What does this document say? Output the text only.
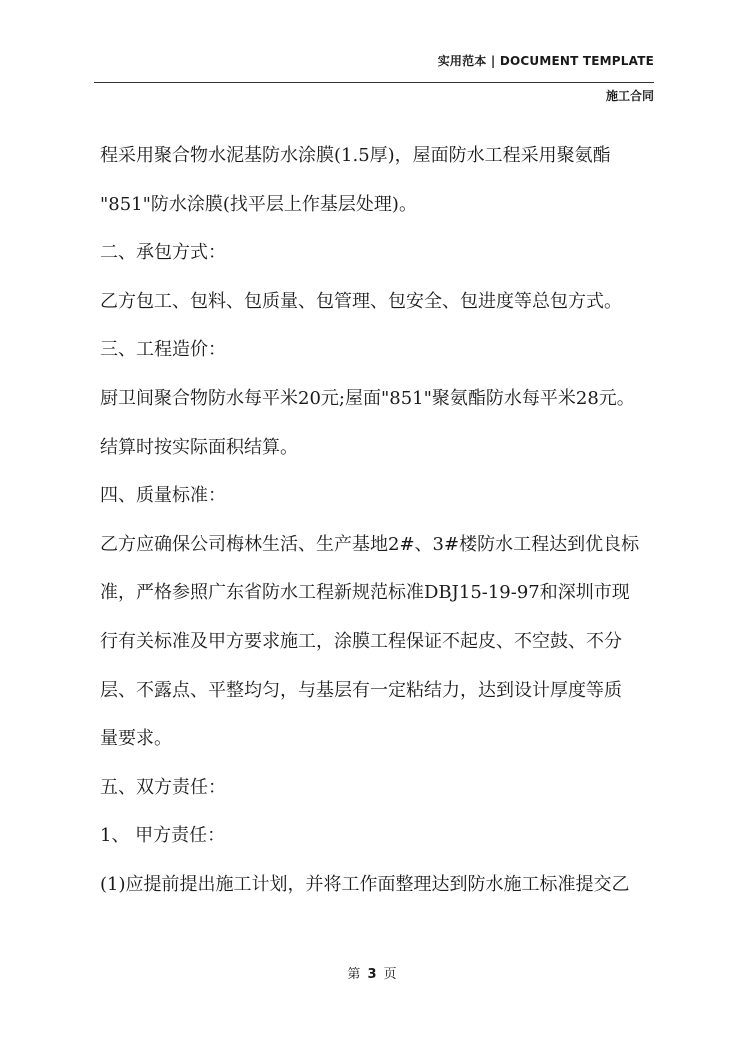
实用范本 | DOCUMENT TEMPLATE
施工合同
程采用聚合物水泥基防水涂膜(1.5厚)，屋面防水工程采用聚氨酯
"851"防水涂膜(找平层上作基层处理)。
二、承包方式：
乙方包工、包料、包质量、包管理、包安全、包进度等总包方式。
三、工程造价：
厨卫间聚合物防水每平米20元;屋面"851"聚氨酯防水每平米28元。
结算时按实际面积结算。
四、质量标准：
乙方应确保公司梅林生活、生产基地2#、3#楼防水工程达到优良标
准，严格参照广东省防水工程新规范标准DBJ15-19-97和深圳市现
行有关标准及甲方要求施工，涂膜工程保证不起皮、不空鼓、不分
层、不露点、平整均匀，与基层有一定粘结力，达到设计厚度等质
量要求。
五、双方责任：
1、 甲方责任：
(1)应提前提出施工计划，并将工作面整理达到防水施工标准提交乙
第 3 页
